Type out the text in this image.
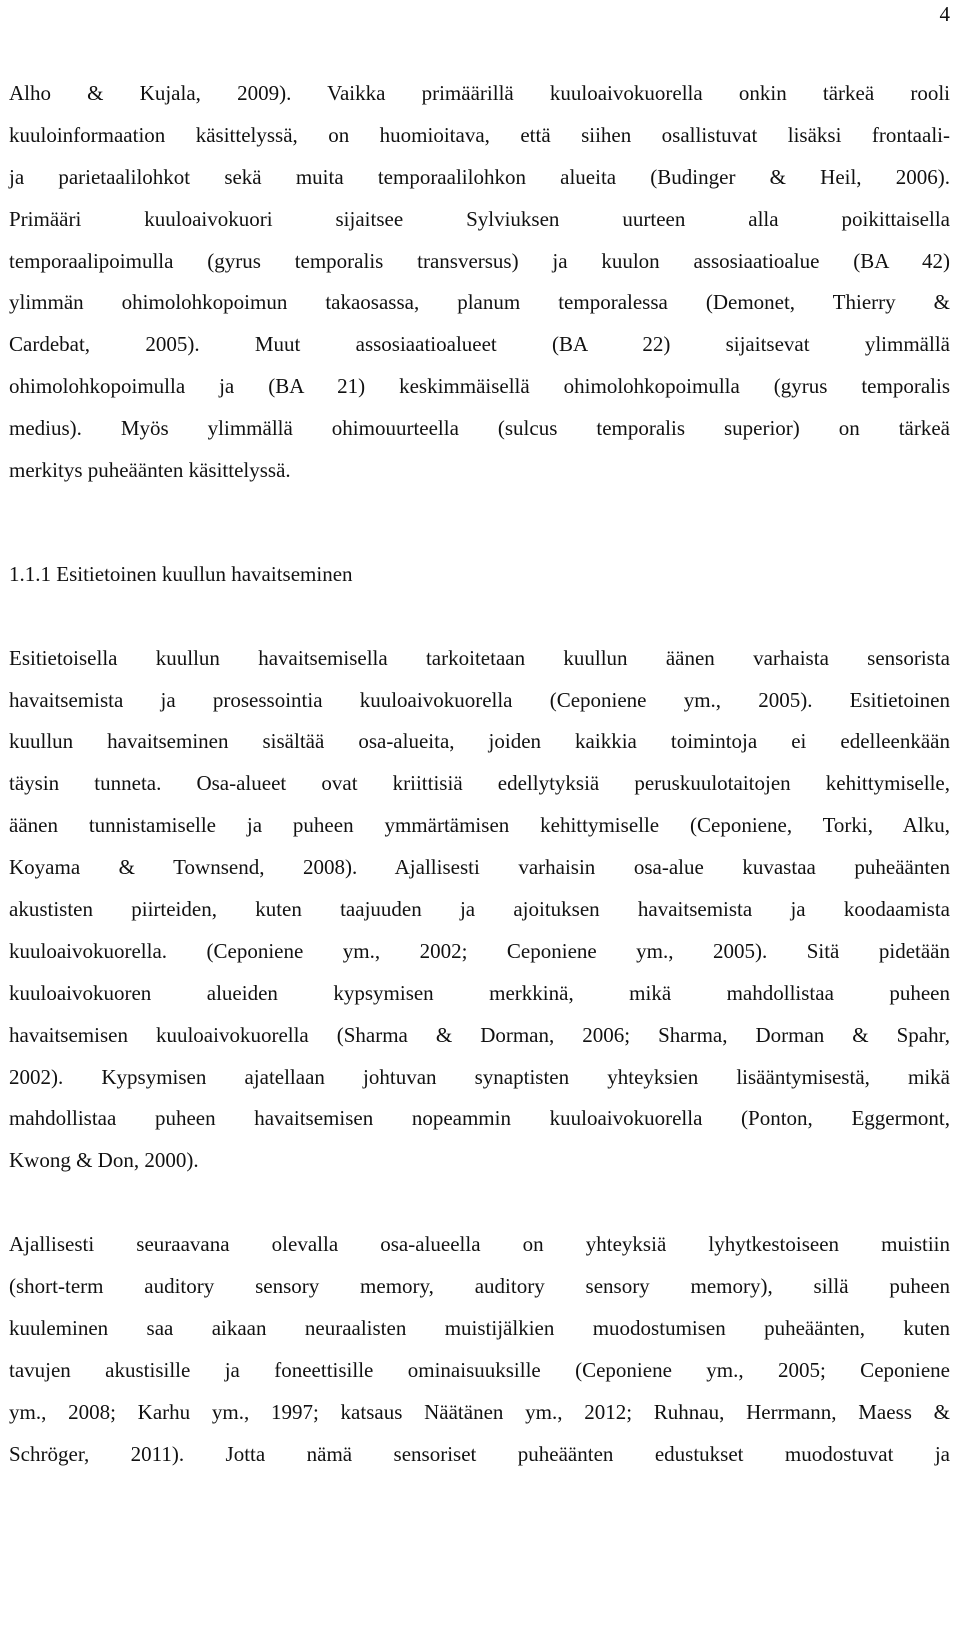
4
Alho & Kujala, 2009). Vaikka primäärillä kuuloaivokuorella onkin tärkeä rooli
kuuloinformaation käsittelyssä, on huomioitava, että siihen osallistuvat lisäksi frontaali-
ja parietaalilohkot sekä muita temporaalilohkon alueita (Budinger & Heil, 2006).
Primääri kuuloaivokuori sijaitsee Sylviuksen uurteen alla poikittaisella
temporaalipoimulla (gyrus temporalis transversus) ja kuulon assosiaatioalue (BA 42)
ylimmän ohimolohkopoimun takaosassa, planum temporalessa (Demonet, Thierry &
Cardebat, 2005). Muut assosiaatioalueet (BA 22) sijaitsevat ylimmällä
ohimolohkopoimulla ja (BA 21) keskimmäisellä ohimolohkopoimulla (gyrus temporalis
medius). Myös ylimmällä ohimouurteella (sulcus temporalis superior) on tärkeä
merkitys puheäänten käsittelyssä.
1.1.1 Esitietoinen kuullun havaitseminen
Esitietoisella kuullun havaitsemisella tarkoitetaan kuullun äänen varhaista sensorista
havaitsemista ja prosessointia kuuloaivokuorella (Ceponiene ym., 2005). Esitietoinen
kuullun havaitseminen sisältää osa-alueita, joiden kaikkia toimintoja ei edelleenkään
täysin tunneta. Osa-alueet ovat kriittisiä edellytyksiä peruskuulotaitojen kehittymiselle,
äänen tunnistamiselle ja puheen ymmärtämisen kehittymiselle (Ceponiene, Torki, Alku,
Koyama & Townsend, 2008). Ajallisesti varhaisin osa-alue kuvastaa puheäänten
akustisten piirteiden, kuten taajuuden ja ajoituksen havaitsemista ja koodaamista
kuuloaivokuorella. (Ceponiene ym., 2002; Ceponiene ym., 2005). Sitä pidetään
kuuloaivokuoren alueiden kypsymisen merkkinä, mikä mahdollistaa puheen
havaitsemisen kuuloaivokuorella (Sharma & Dorman, 2006; Sharma, Dorman & Spahr,
2002). Kypsymisen ajatellaan johtuvan synaptisten yhteyksien lisääntymisestä, mikä
mahdollistaa puheen havaitsemisen nopeammin kuuloaivokuorella (Ponton, Eggermont,
Kwong & Don, 2000).
Ajallisesti seuraavana olevalla osa-alueella on yhteyksiä lyhytkestoiseen muistiin
(short-term auditory sensory memory, auditory sensory memory), sillä puheen
kuuleminen saa aikaan neuraalisten muistijälkien muodostumisen puheäänten, kuten
tavujen akustisille ja foneettisille ominaisuuksille (Ceponiene ym., 2005; Ceponiene
ym., 2008; Karhu ym., 1997; katsaus Näätänen ym., 2012; Ruhnau, Herrmann, Maess &
Schröger, 2011). Jotta nämä sensoriset puheäänten edustukset muodostuvat ja
